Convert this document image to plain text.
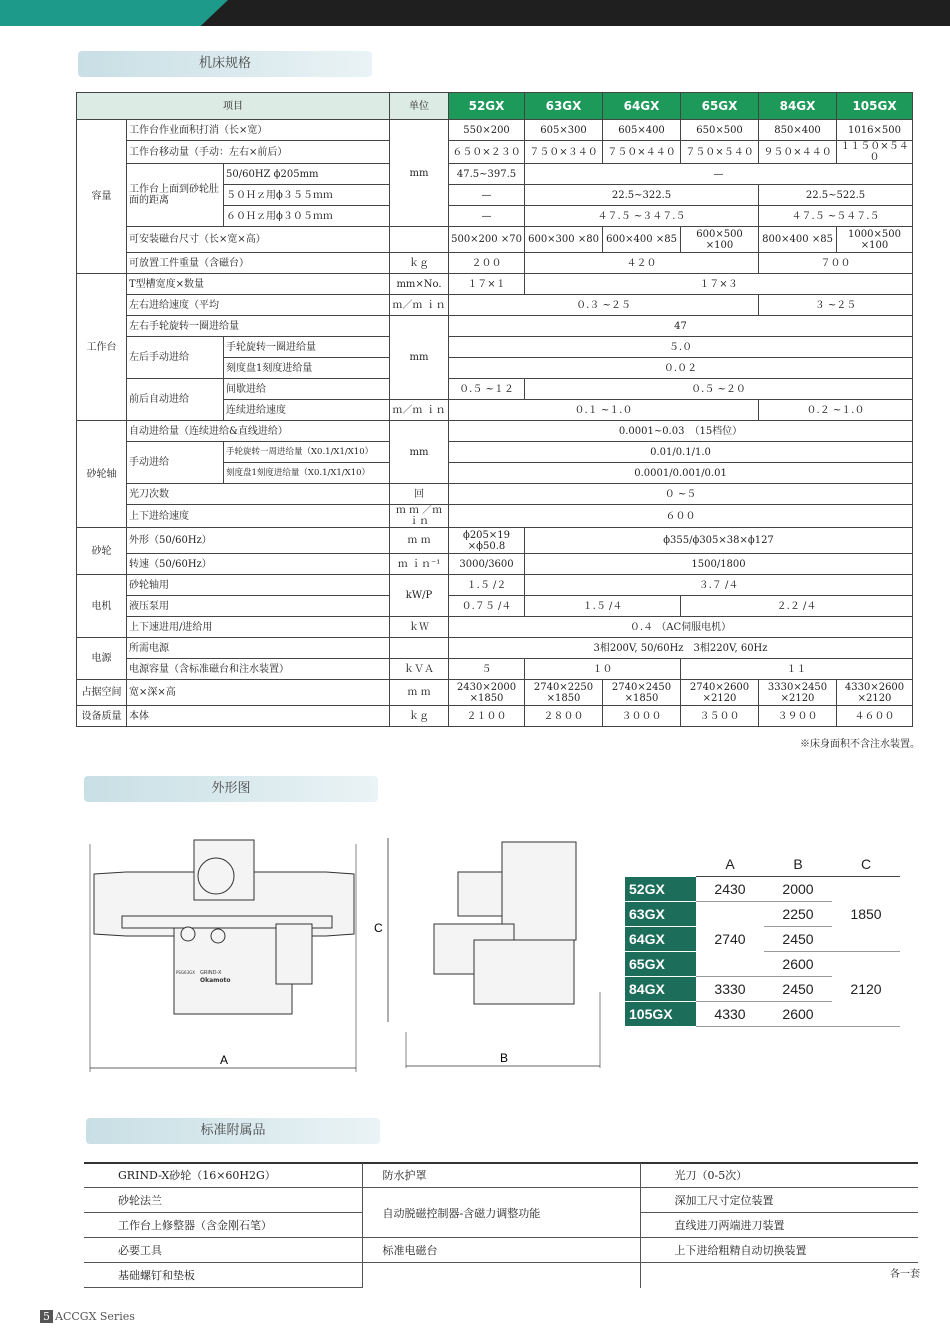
机床规格
项目			单位	52GX	63GX	64GX	65GX	84GX	105GX
容量	工作台作业面积打消（长×宽）		mm	550×200	605×300	605×400	650×500	850×400	1016×500
	工作台移动量（手动：左右×前后）			６５０×２３０	７５０×３４０	７５０×４４０	７５０×５４０	９５０×４４０	１１５０×５４０
	工作台上面到砂轮肚面的距离	50/60HZ ϕ205mm		47.5~397.5	—				
		５０Ｈｚ用ϕ３５５ｍｍ		—	22.5~322.5			22.5~522.5	
		６０Ｈｚ用ϕ３０５ｍｍ		—	４７.５ ~３４７.５			４７.５ ~５４７.５	
	可安装磁台尺寸（长×宽×高）			500×200 ×70	600×300 ×80	600×400 ×85	600×500 ×100	800×400 ×85	1000×500 ×100
	可放置工件重量（含磁台）		ｋｇ	２００	４２０			７００	
工作台	T型槽宽度×数量		mm×No.	１７×１	１７×３				
	左右进给速度（平均		ｍ／ｍ ｉｎ	０.３ ~２５				３ ~２５	
	左右手轮旋转一圈进给量		mm	47					
	左后手动进给	手轮旋转一圈进给量		５.０					
		刻度盘1刻度进给量		０.０２					
	前后自动进给	间歇进给		０.５ ~１２	０.５ ~２０				
		连续进给速度	ｍ／ｍ ｉｎ	０.１ ~１.０				０.２ ~１.０	
砂轮轴	自动进给量（连续进给&直线进给）		mm	0.0001~0.03　（15档位）					
	手动进给	手轮旋转一周进给量（X0.1/X1/X10）		0.01/0.1/1.0					
		刻度盘1刻度进给量（X0.1/X1/X10）		0.0001/0.001/0.01					
	光刀次数		回	０ ~５					
	上下进给速度		ｍ ｍ ／ｍ ｉｎ	６００					
砂轮	外形（50/60Hz）		ｍ ｍ	ϕ205×19 ×ϕ50.8	ϕ355/ϕ305×38×ϕ127				
	转速（50/60Hz）		ｍ ｉｎ⁻¹	3000/3600	1500/1800				
电机	砂轮轴用		kW/P	１.５ /２	３.７ /４				
	液压泵用			０.７５ /４	１.５ /４		２.２ /４		
	上下速进用/进给用		ｋＷ	０.４ （AC伺服电机）					
电源	所需电源			3相200V, 50/60Hz　3相220V, 60Hz					
	电源容量（含标准磁台和注水装置）		ｋＶＡ	５	１０		１１		
占据空间	宽×深×高		ｍ ｍ	2430×2000 ×1850	2740×2250 ×1850	2740×2450 ×1850	2740×2600 ×2120	3330×2450 ×2120	4330×2600 ×2120
设备质量	本体		ｋｇ	２１００	２８００	３０００	３５００	３９００	４６００
※床身面积不含注水装置。
外形图
GRIND-X
Okamoto
PSG63GX
A
C
B
	A	B	C
52GX	2430	2000	1850
63GX	2740	2250	
64GX		2450	
65GX		2600	2120
84GX	3330	2450	
105GX	4330	2600	
标准附属品
GRIND-X砂轮（16×60H2G）	防水护罩	光刀（0-5次）
砂轮法兰	自动脱磁控制器-含磁力调整功能	深加工尺寸定位装置
工作台上修整器（含金刚石笔）		直线进刀两端进刀装置
必要工具	标准电磁台	上下进给粗精自动切换装置
基础螺钉和垫板			各一套
5 ACCGX Series
